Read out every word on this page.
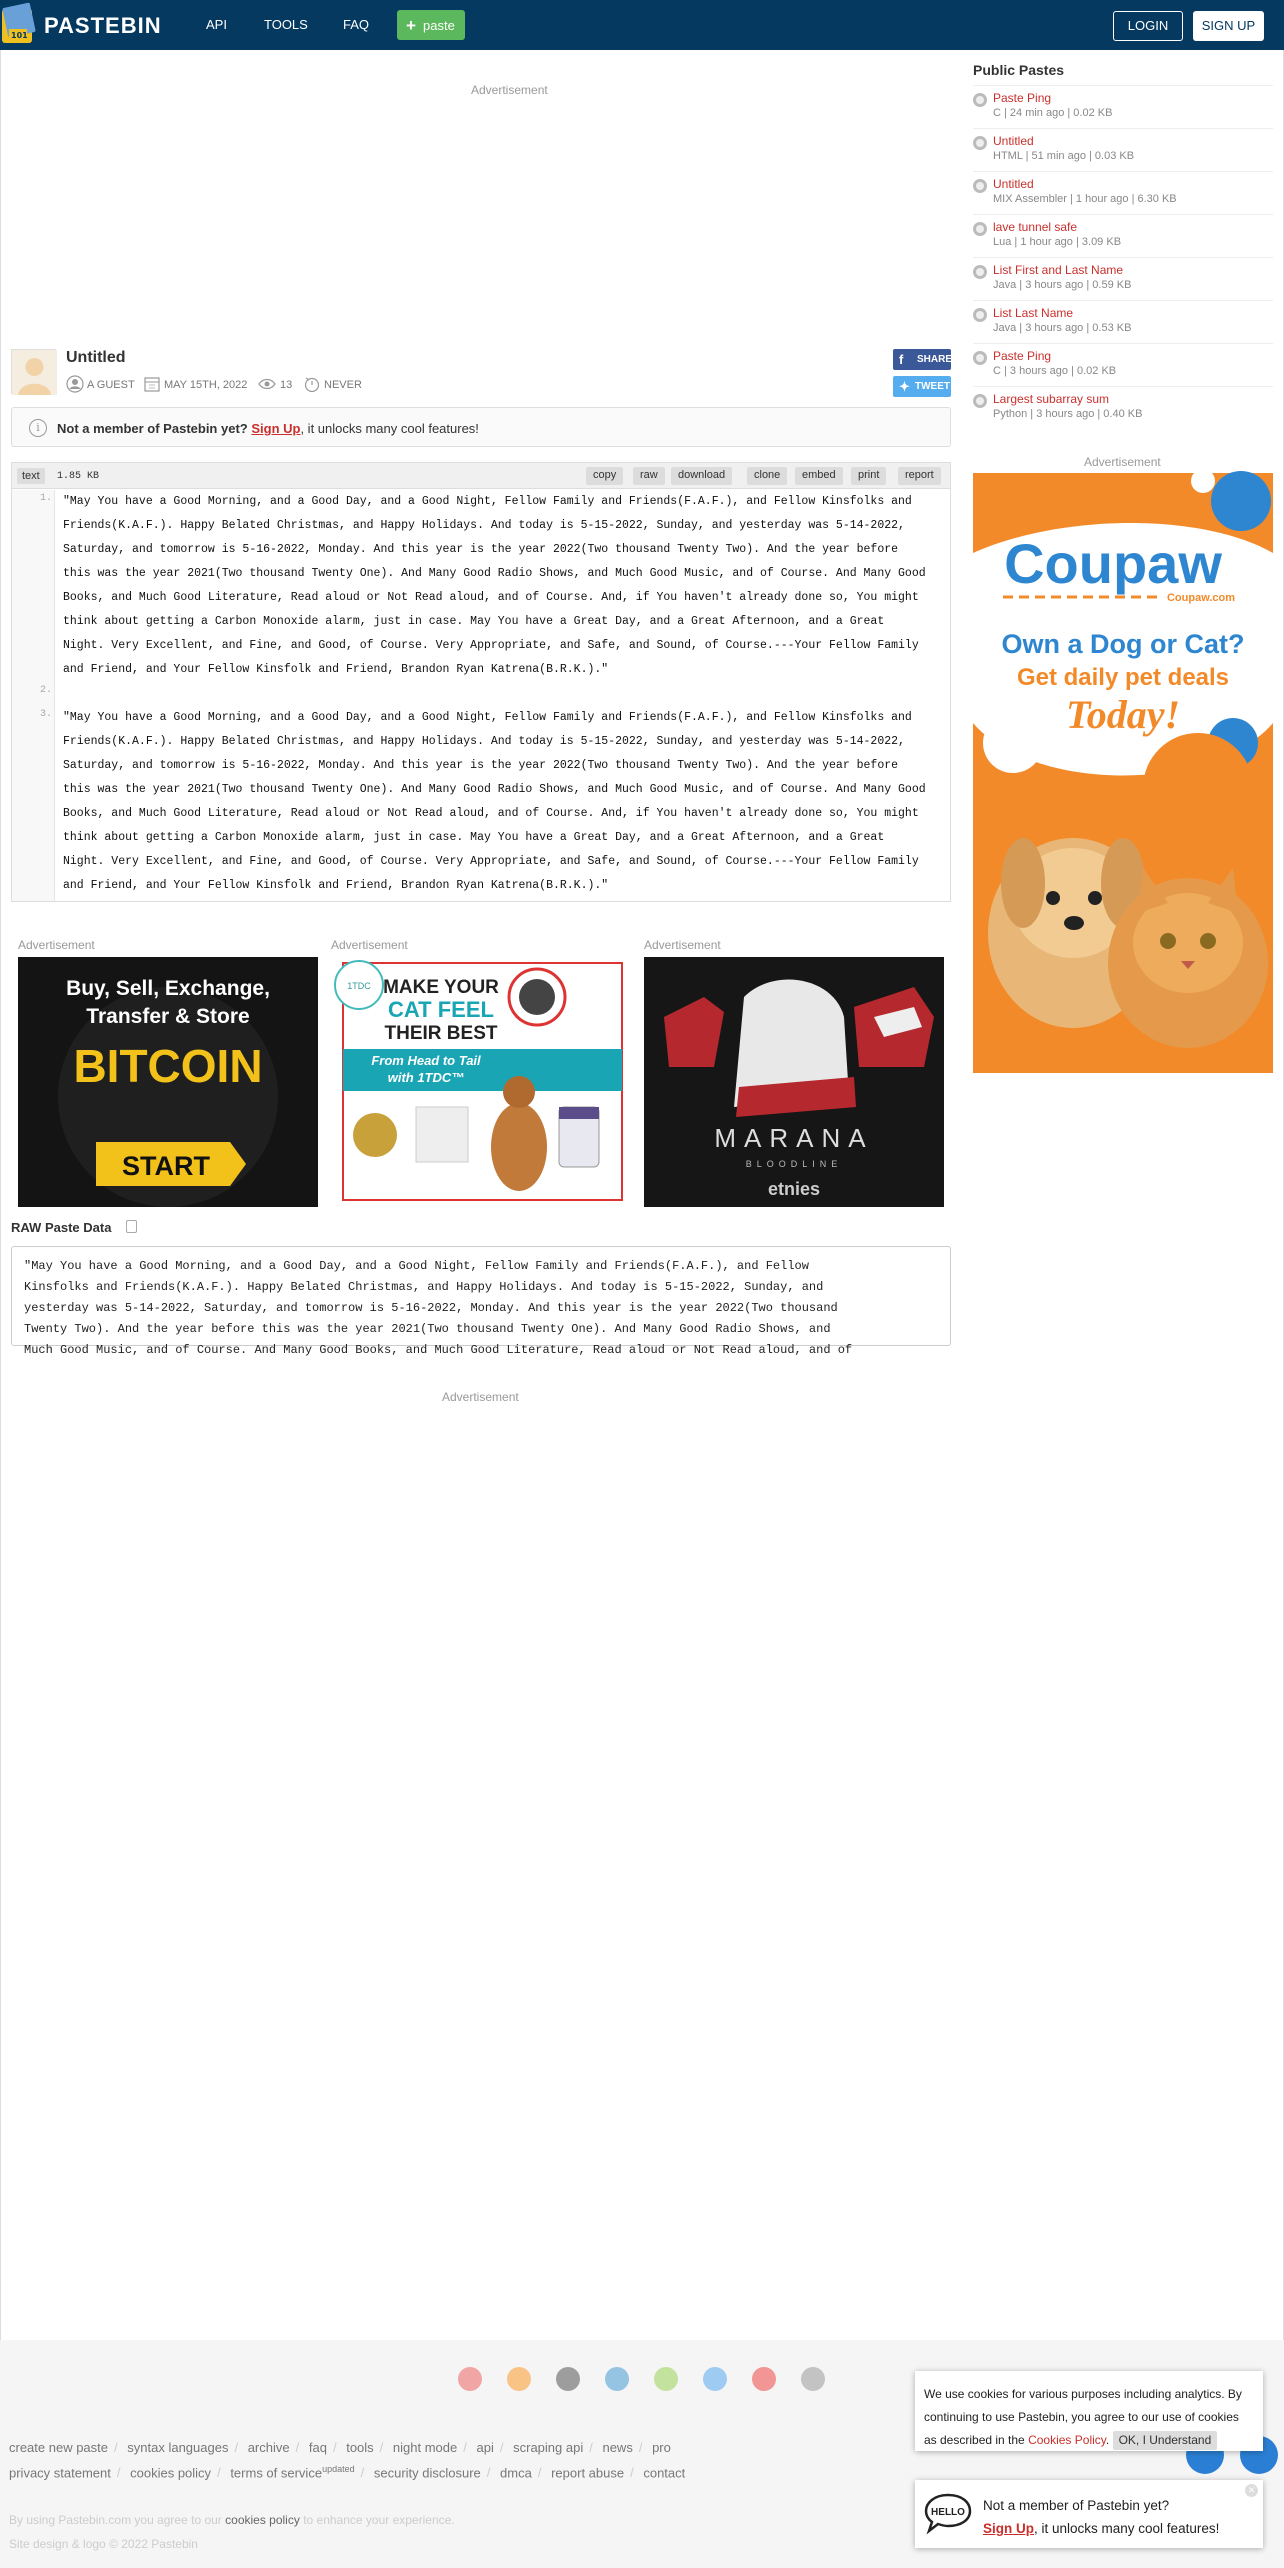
101 PASTEBIN	API	TOOLS	FAQ + paste	LOGIN	SIGN UP
Advertisement
Untitled
A GUEST	MAY 15TH, 2022	13	NEVER
f SHARE
✦ TWEET
i	Not a member of Pastebin yet? Sign Up, it unlocks many cool features!
text	1.85 KB	copy	raw	download	clone	embed	print	report
1.
2.
3.
"May You have a Good Morning, and a Good Day, and a Good Night, Fellow Family and Friends(F.A.F.), and Fellow Kinsfolks and
Friends(K.A.F.). Happy Belated Christmas, and Happy Holidays. And today is 5-15-2022, Sunday, and yesterday was 5-14-2022,
Saturday, and tomorrow is 5-16-2022, Monday. And this year is the year 2022(Two thousand Twenty Two). And the year before
this was the year 2021(Two thousand Twenty One). And Many Good Radio Shows, and Much Good Music, and of Course. And Many Good
Books, and Much Good Literature, Read aloud or Not Read aloud, and of Course. And, if You haven't already done so, You might
think about getting a Carbon Monoxide alarm, just in case. May You have a Great Day, and a Great Afternoon, and a Great
Night. Very Excellent, and Fine, and Good, of Course. Very Appropriate, and Safe, and Sound, of Course.---Your Fellow Family
and Friend, and Your Fellow Kinsfolk and Friend, Brandon Ryan Katrena(B.R.K.)."
"May You have a Good Morning, and a Good Day, and a Good Night, Fellow Family and Friends(F.A.F.), and Fellow Kinsfolks and
Friends(K.A.F.). Happy Belated Christmas, and Happy Holidays. And today is 5-15-2022, Sunday, and yesterday was 5-14-2022,
Saturday, and tomorrow is 5-16-2022, Monday. And this year is the year 2022(Two thousand Twenty Two). And the year before
this was the year 2021(Two thousand Twenty One). And Many Good Radio Shows, and Much Good Music, and of Course. And Many Good
Books, and Much Good Literature, Read aloud or Not Read aloud, and of Course. And, if You haven't already done so, You might
think about getting a Carbon Monoxide alarm, just in case. May You have a Great Day, and a Great Afternoon, and a Great
Night. Very Excellent, and Fine, and Good, of Course. Very Appropriate, and Safe, and Sound, of Course.---Your Fellow Family
and Friend, and Your Fellow Kinsfolk and Friend, Brandon Ryan Katrena(B.R.K.)."
Advertisement	Advertisement	Advertisement
Buy, Sell, Exchange,
Transfer & Store
BITCOIN
START
1TDC MAKE YOUR
CAT FEEL
THEIR BEST
From Head to Tail
with 1TDC™
MARANA
BLOODLINE
etnies
RAW Paste Data
"May You have a Good Morning, and a Good Day, and a Good Night, Fellow Family and Friends(F.A.F.), and Fellow
Kinsfolks and Friends(K.A.F.). Happy Belated Christmas, and Happy Holidays. And today is 5-15-2022, Sunday, and
yesterday was 5-14-2022, Saturday, and tomorrow is 5-16-2022, Monday. And this year is the year 2022(Two thousand
Twenty Two). And the year before this was the year 2021(Two thousand Twenty One). And Many Good Radio Shows, and
Much Good Music, and of Course. And Many Good Books, and Much Good Literature, Read aloud or Not Read aloud, and of
Advertisement
Public Pastes
Paste Ping
C | 24 min ago | 0.02 KB
Untitled
HTML | 51 min ago | 0.03 KB
Untitled
MIX Assembler | 1 hour ago | 6.30 KB
lave tunnel safe
Lua | 1 hour ago | 3.09 KB
List First and Last Name
Java | 3 hours ago | 0.59 KB
List Last Name
Java | 3 hours ago | 0.53 KB
Paste Ping
C | 3 hours ago | 0.02 KB
Largest subarray sum
Python | 3 hours ago | 0.40 KB
Advertisement
Coupaw
Coupaw.com
Own a Dog or Cat?
Get daily pet deals
Today!
create new paste / syntax languages / archive / faq / tools / night mode / api / scraping api / news / pro
privacy statement / cookies policy / terms of service$^{updated}$ / security disclosure / dmca / report abuse / contact
By using Pastebin.com you agree to our cookies policy to enhance your experience.
Site design & logo © 2022 Pastebin
We use cookies for various purposes including analytics. By continuing to use Pastebin, you agree to our use of cookies as described in the Cookies Policy. OK, I Understand
HELLO
✕
Not a member of Pastebin yet?
Sign Up, it unlocks many cool features!
